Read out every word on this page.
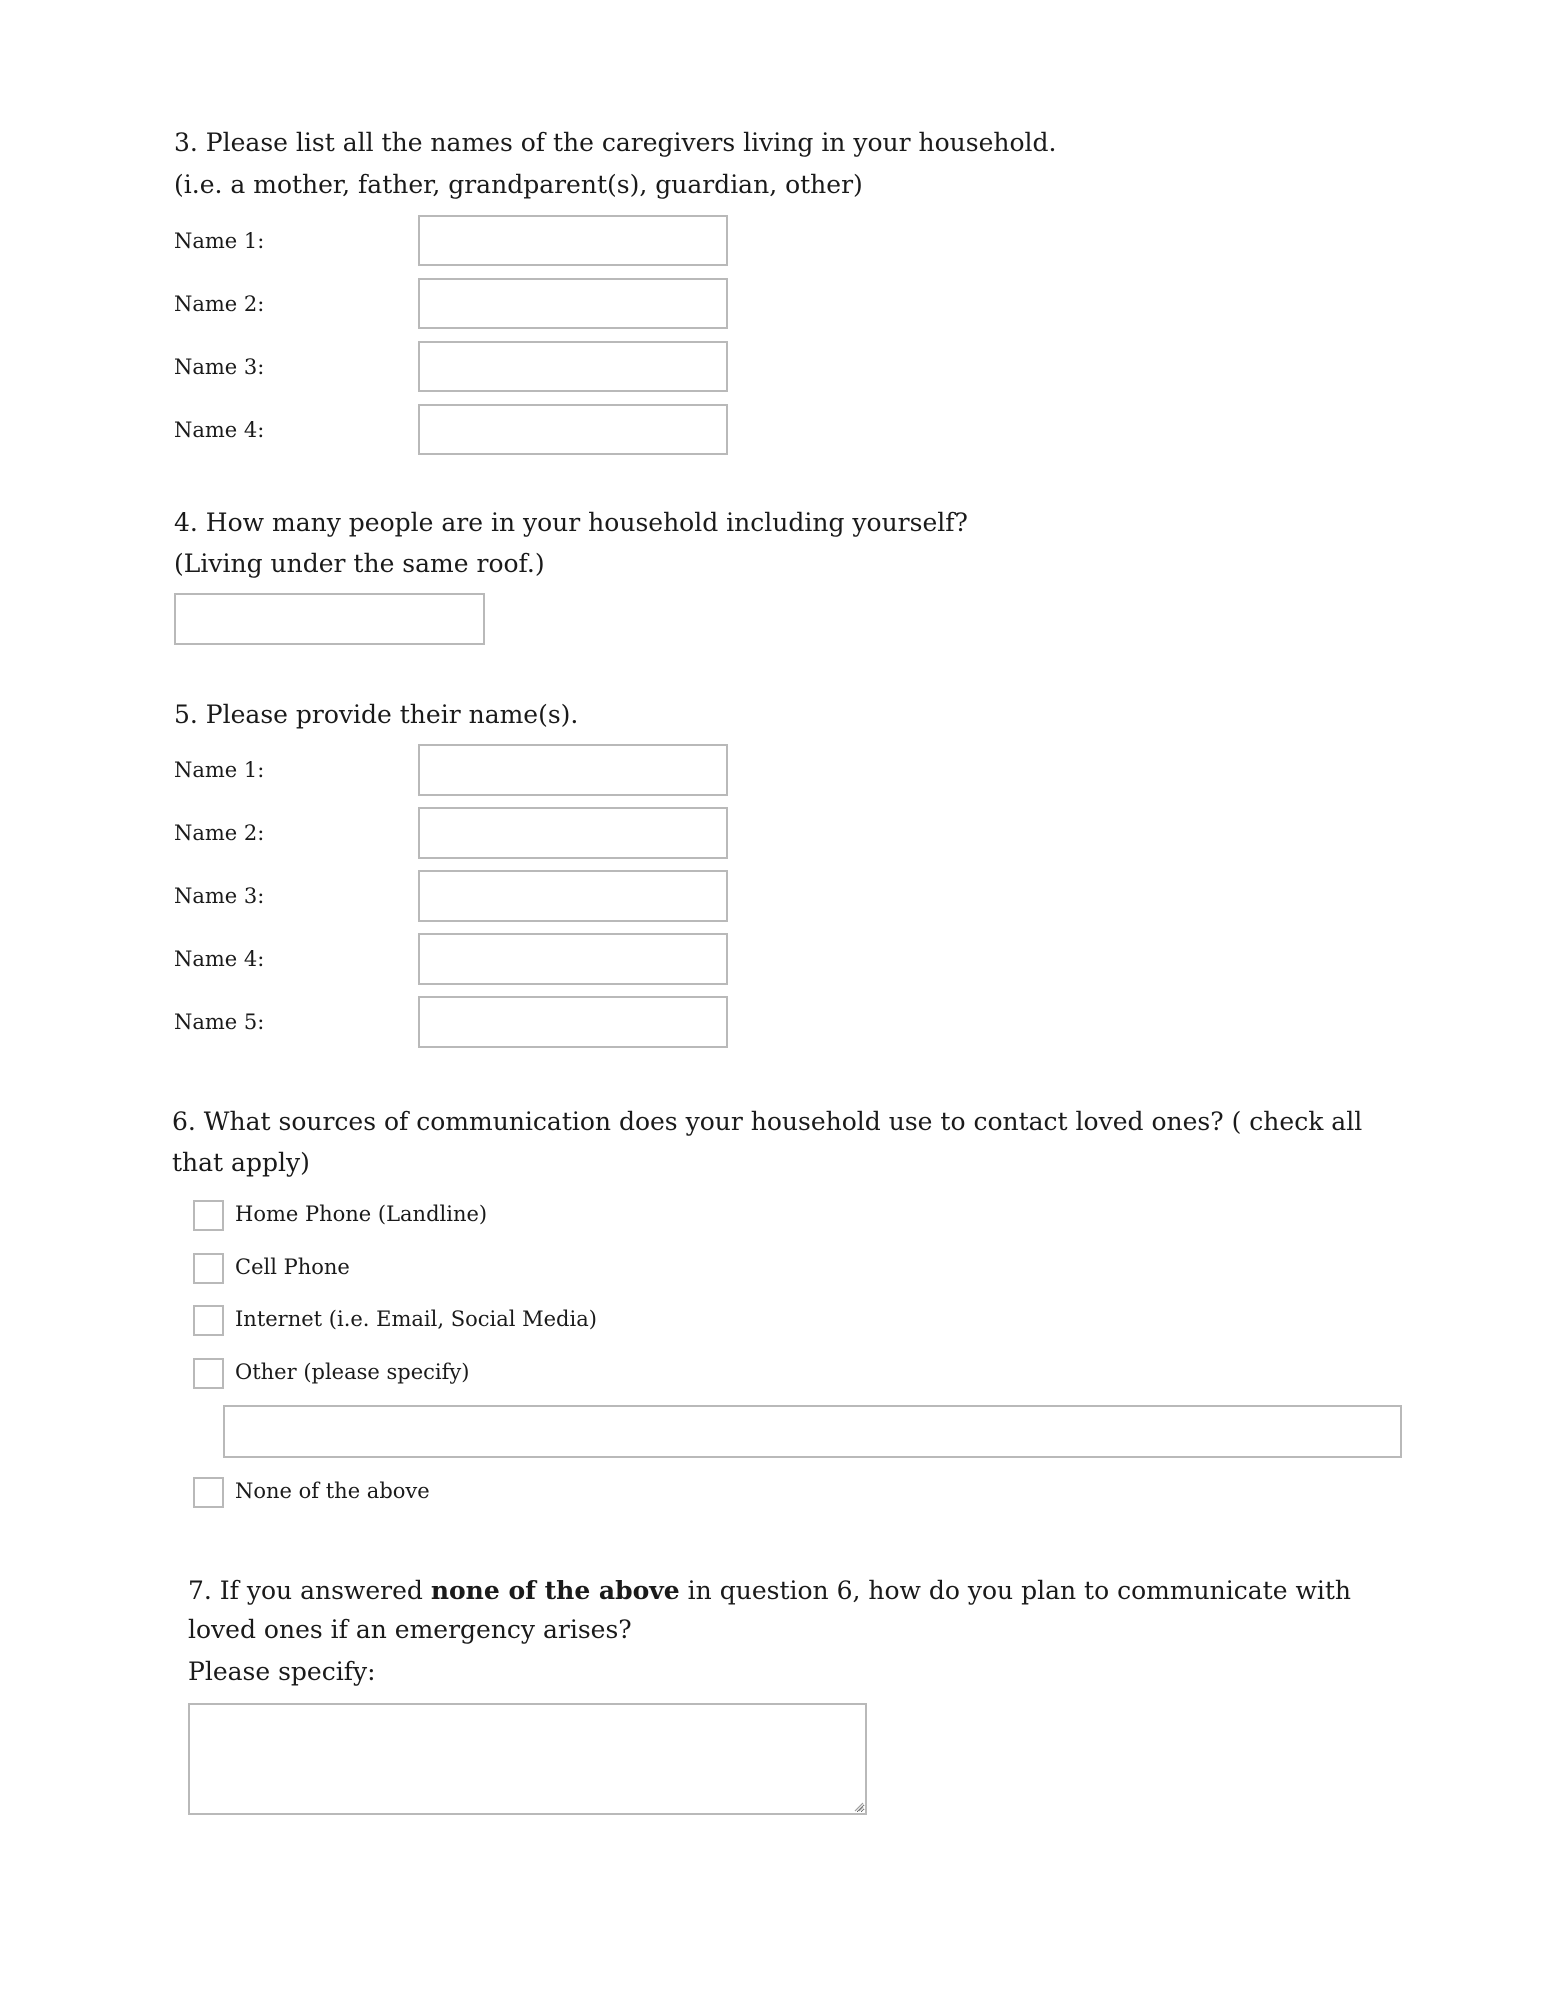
3. Please list all the names of the caregivers living in your household.
(i.e. a mother, father, grandparent(s), guardian, other)
Name 1:
Name 2:
Name 3:
Name 4:
4. How many people are in your household including yourself?
(Living under the same roof.)
5. Please provide their name(s).
Name 1:
Name 2:
Name 3:
Name 4:
Name 5:
6. What sources of communication does your household use to contact loved ones? ( check all
that apply)
Home Phone (Landline)
Cell Phone
Internet (i.e. Email, Social Media)
Other (please specify)
None of the above
7. If you answered none of the above in question 6, how do you plan to communicate with
loved ones if an emergency arises?
Please specify:
